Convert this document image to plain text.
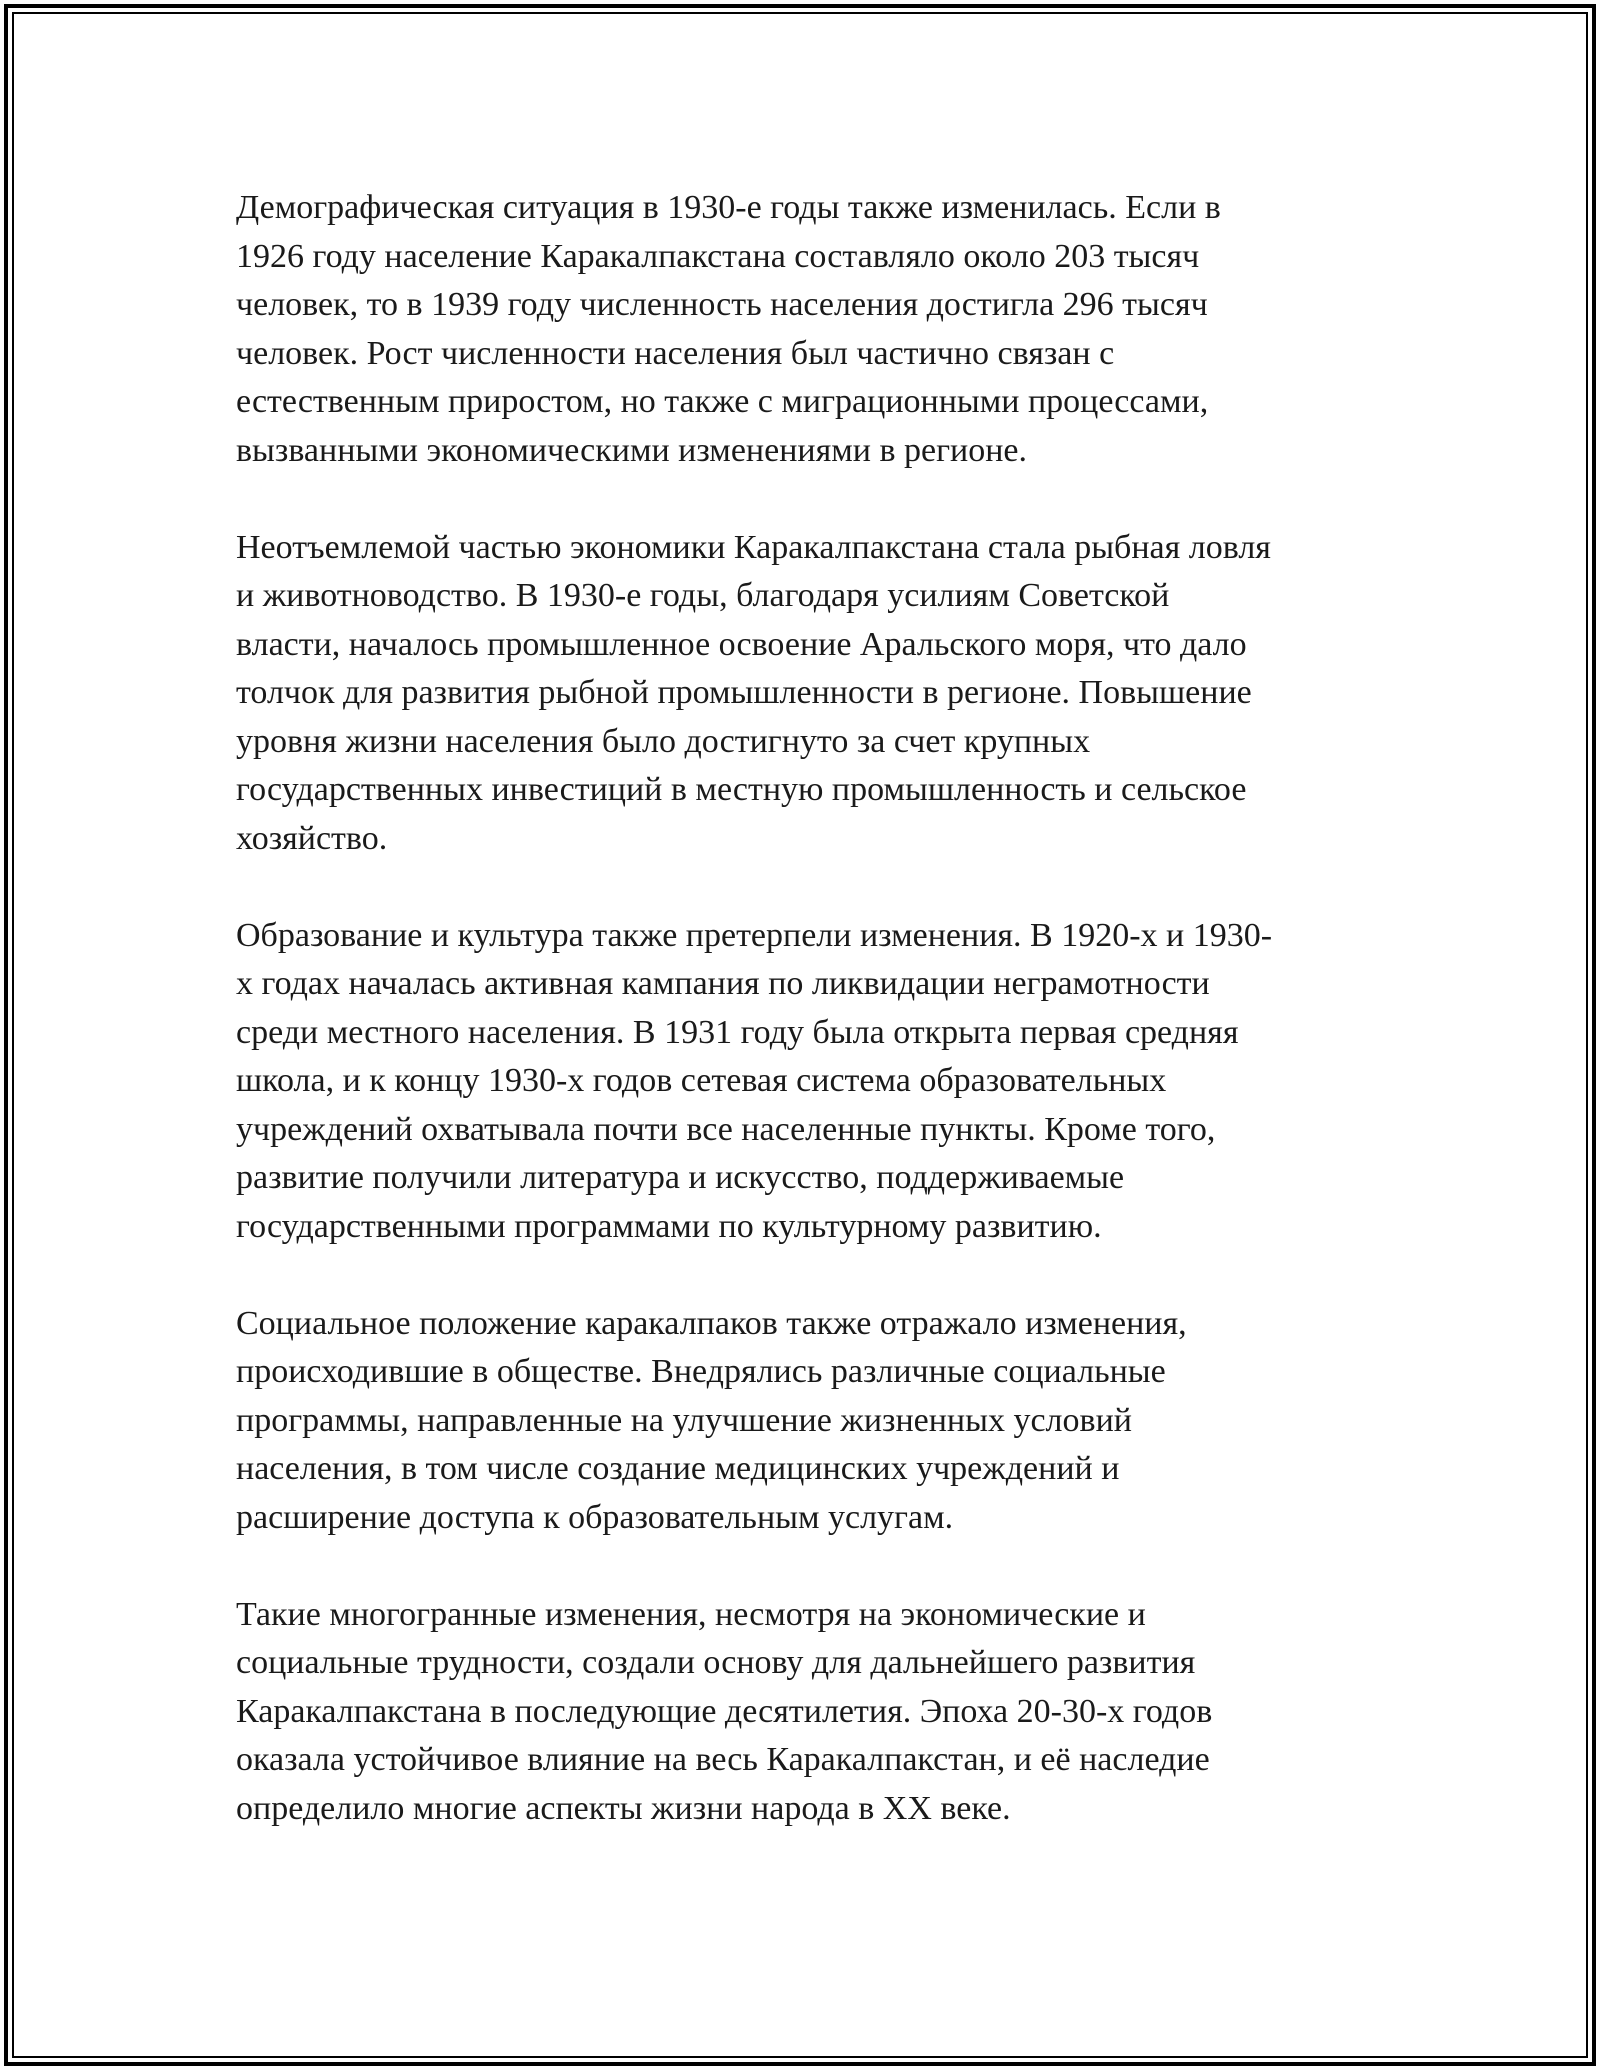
Демографическая ситуация в 1930-е годы также изменилась. Если в
1926 году население Каракалпакстана составляло около 203 тысяч
человек, то в 1939 году численность населения достигла 296 тысяч
человек. Рост численности населения был частично связан с
естественным приростом, но также с миграционными процессами,
вызванными экономическими изменениями в регионе.

Неотъемлемой частью экономики Каракалпакстана стала рыбная ловля
и животноводство. В 1930-е годы, благодаря усилиям Советской
власти, началось промышленное освоение Аральского моря, что дало
толчок для развития рыбной промышленности в регионе. Повышение
уровня жизни населения было достигнуто за счет крупных
государственных инвестиций в местную промышленность и сельское
хозяйство.

Образование и культура также претерпели изменения. В 1920-х и 1930-
х годах началась активная кампания по ликвидации неграмотности
среди местного населения. В 1931 году была открыта первая средняя
школа, и к концу 1930-х годов сетевая система образовательных
учреждений охватывала почти все населенные пункты. Кроме того,
развитие получили литература и искусство, поддерживаемые
государственными программами по культурному развитию.

Социальное положение каракалпаков также отражало изменения,
происходившие в обществе. Внедрялись различные социальные
программы, направленные на улучшение жизненных условий
населения, в том числе создание медицинских учреждений и
расширение доступа к образовательным услугам.

Такие многогранные изменения, несмотря на экономические и
социальные трудности, создали основу для дальнейшего развития
Каракалпакстана в последующие десятилетия. Эпоха 20-30-х годов
оказала устойчивое влияние на весь Каракалпакстан, и её наследие
определило многие аспекты жизни народа в XX веке.
